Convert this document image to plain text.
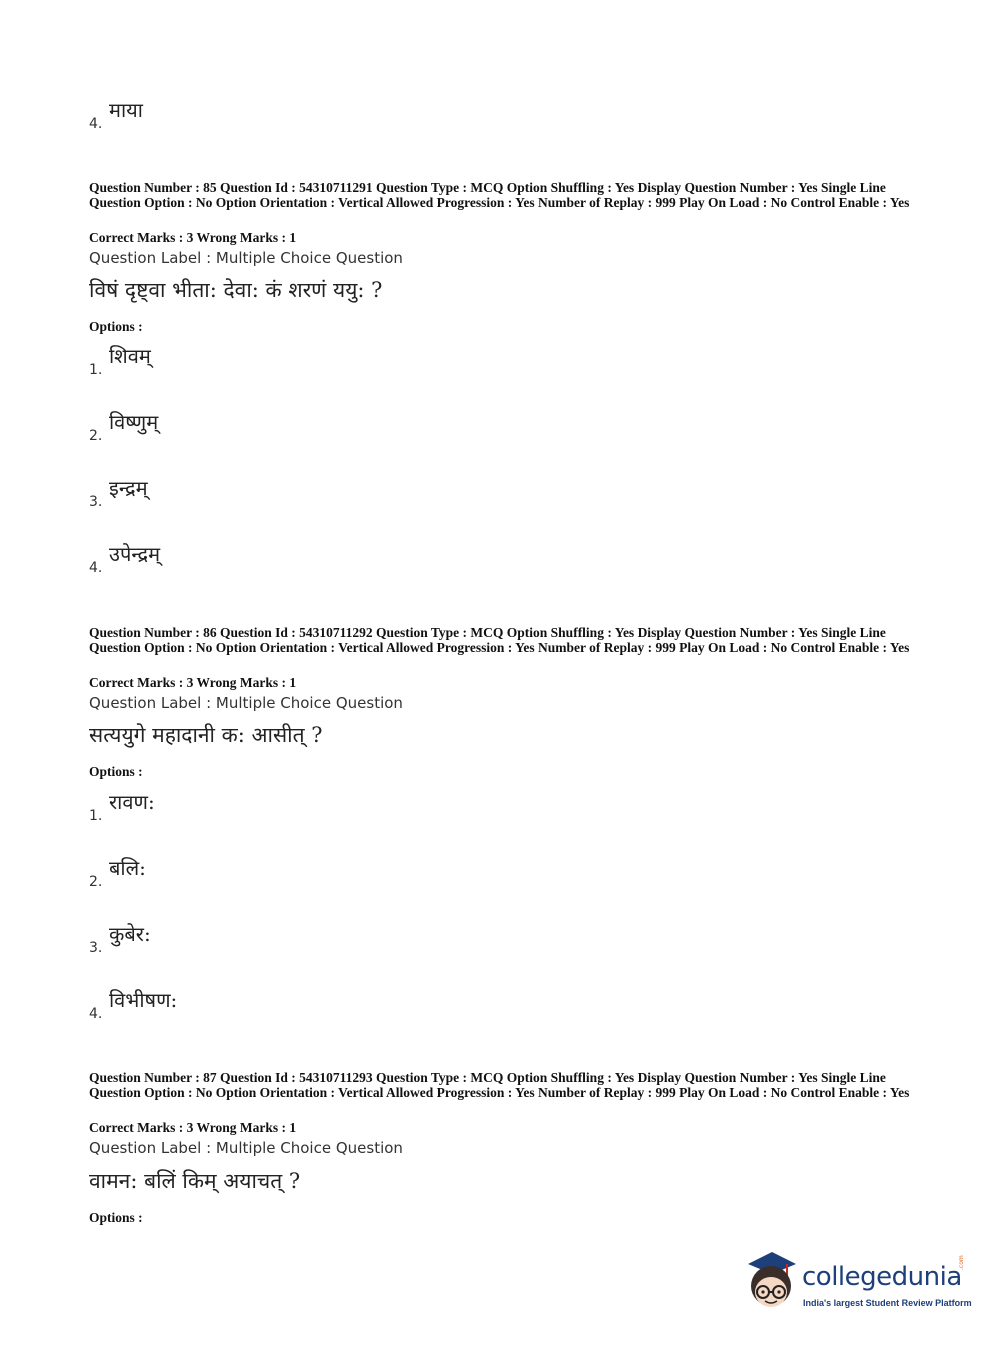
4.
माया
Question Number : 85 Question Id : 54310711291 Question Type : MCQ Option Shuffling : Yes Display Question Number : Yes Single Line Question Option : No Option Orientation : Vertical Allowed Progression : Yes Number of Replay : 999 Play On Load : No Control Enable : Yes
Correct Marks : 3 Wrong Marks : 1
Question Label : Multiple Choice Question
विषं दृष्ट्वा भीता: देवा: कं शरणं ययु: ?
Options :
1.
शिवम्
2.
विष्णुम्
3.
इन्द्रम्
4.
उपेन्द्रम्
Question Number : 86 Question Id : 54310711292 Question Type : MCQ Option Shuffling : Yes Display Question Number : Yes Single Line Question Option : No Option Orientation : Vertical Allowed Progression : Yes Number of Replay : 999 Play On Load : No Control Enable : Yes
Correct Marks : 3 Wrong Marks : 1
Question Label : Multiple Choice Question
सत्ययुगे महादानी क: आसीत् ?
Options :
1.
रावण:
2.
बलि:
3.
कुबेर:
4.
विभीषण:
Question Number : 87 Question Id : 54310711293 Question Type : MCQ Option Shuffling : Yes Display Question Number : Yes Single Line Question Option : No Option Orientation : Vertical Allowed Progression : Yes Number of Replay : 999 Play On Load : No Control Enable : Yes
Correct Marks : 3 Wrong Marks : 1
Question Label : Multiple Choice Question
वामन: बलिं किम् अयाचत् ?
Options :
collegedunia
.com
India's largest Student Review Platform
